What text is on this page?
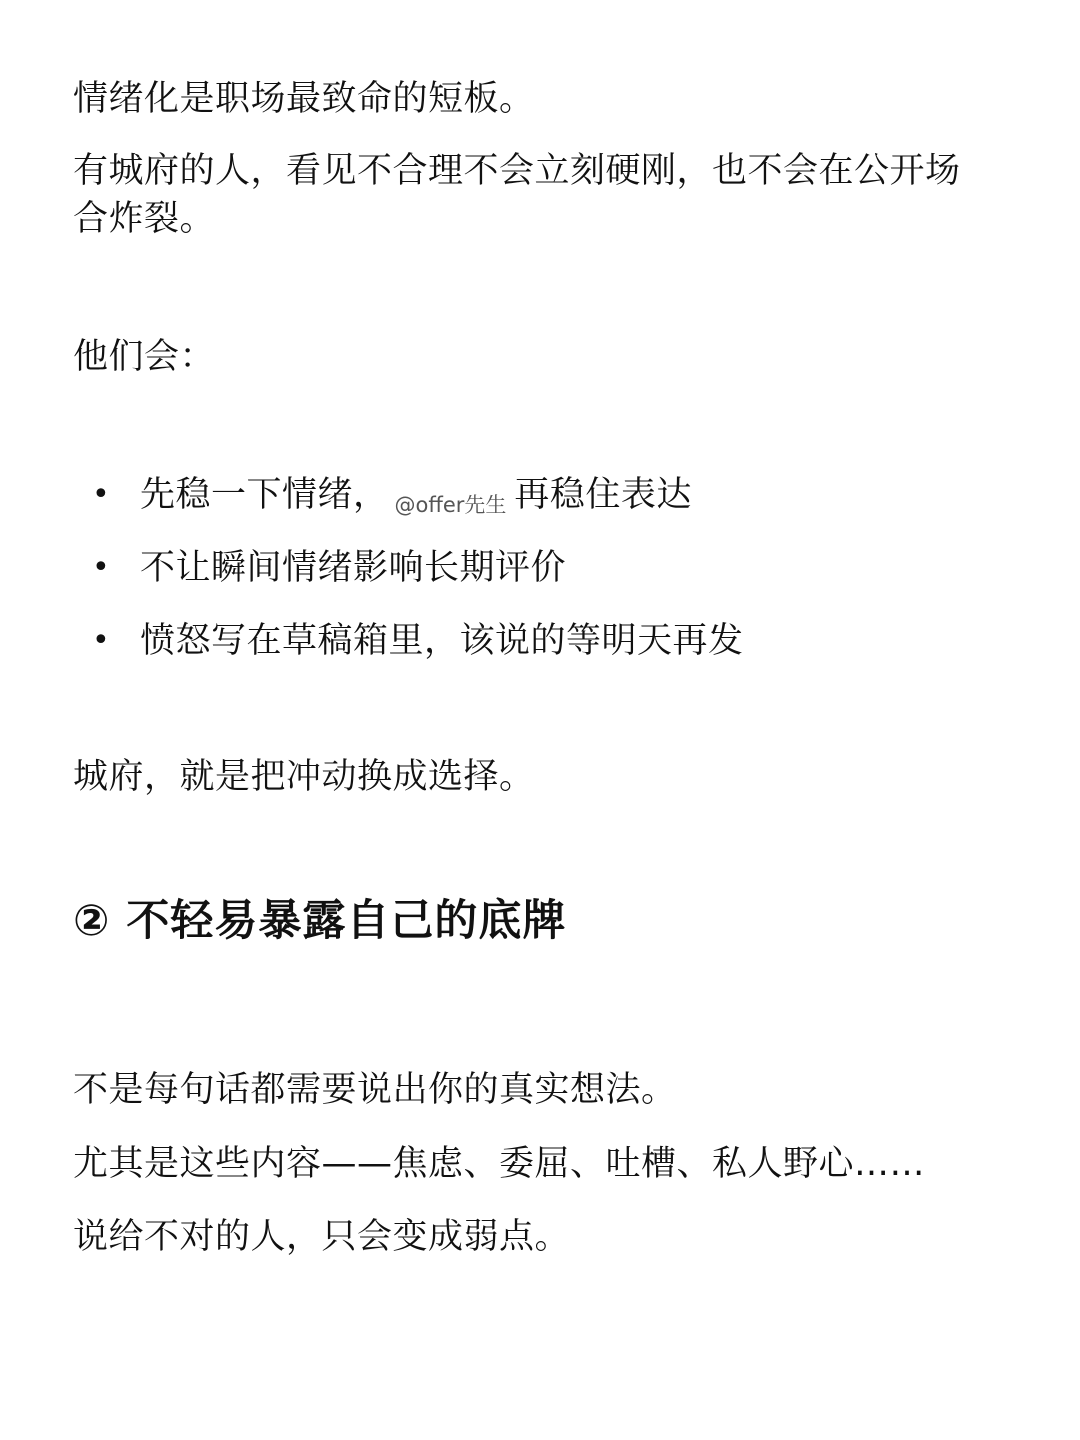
情绪化是职场最致命的短板。

有城府的人，看见不合理不会立刻硬刚，也不会在公开场合炸裂。

他们会：

• 先稳一下情绪， @offer先生 再稳住表达
• 不让瞬间情绪影响长期评价
• 愤怒写在草稿箱里，该说的等明天再发

城府，就是把冲动换成选择。

② 不轻易暴露自己的底牌

不是每句话都需要说出你的真实想法。

尤其是这些内容——焦虑、委屈、吐槽、私人野心……

说给不对的人，只会变成弱点。
